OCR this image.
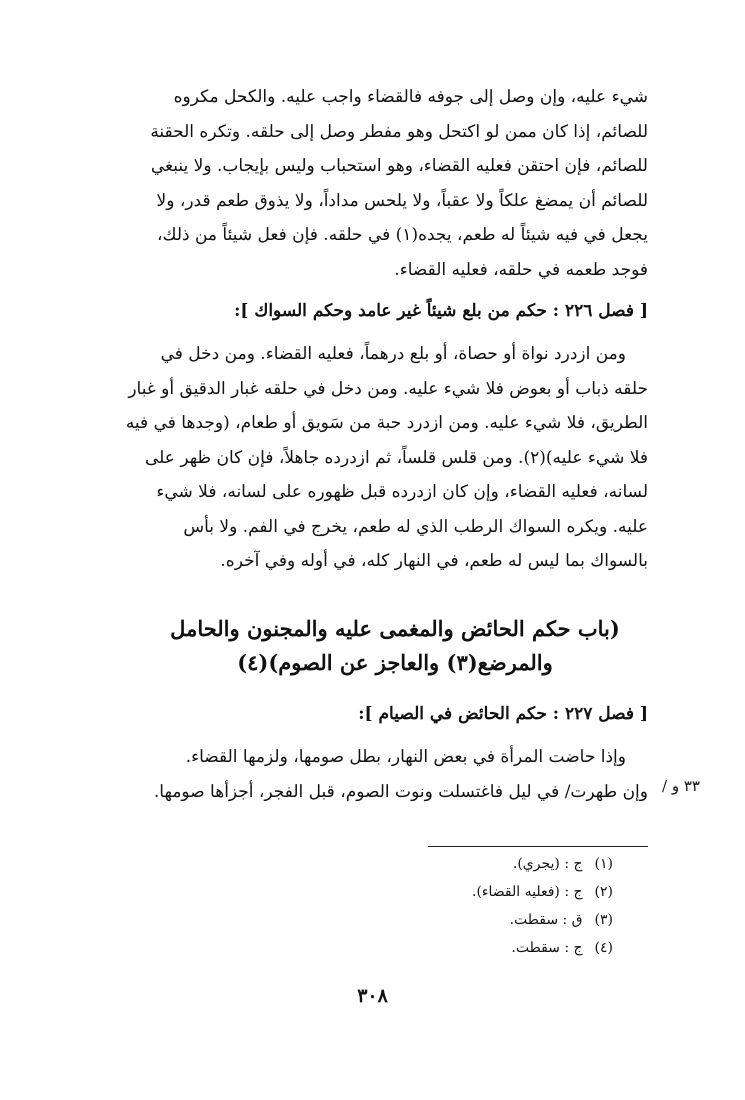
شيء عليه، وإن وصل إلى جوفه فالقضاء واجب عليه. والكحل مكروه
للصائم، إذا كان ممن لو اكتحل وهو مفطر وصل إلى حلقه. وتكره الحقنة
للصائم، فإن احتقن فعليه القضاء، وهو استحباب وليس بإيجاب. ولا ينبغي
للصائم أن يمضغ علكاً ولا عقباً، ولا يلحس مداداً، ولا يذوق طعم قدر، ولا
يجعل في فيه شيئاً له طعم، يجده(١) في حلقه. فإن فعل شيئاً من ذلك،
فوجد طعمه في حلقه، فعليه القضاء.
[ فصل ٢٢٦ : حكم من بلع شيئاً غير عامد وحكم السواك ]:
ومن ازدرد نواة أو حصاة، أو بلع درهماً، فعليه القضاء. ومن دخل في
حلقه ذباب أو بعوض فلا شيء عليه. ومن دخل في حلقه غبار الدقيق أو غبار
الطريق، فلا شيء عليه. ومن ازدرد حبة من سَويق أو طعام، (وجدها في فيه
فلا شيء عليه)(٢). ومن قلس قلساً، ثم ازدرده جاهلاً، فإن كان ظهر على
لسانه، فعليه القضاء، وإن كان ازدرده قبل ظهوره على لسانه، فلا شيء
عليه. ويكره السواك الرطب الذي له طعم، يخرج في الفم. ولا بأس
بالسواك بما ليس له طعم، في النهار كله، في أوله وفي آخره.
(باب حكم الحائض والمغمى عليه والمجنون والحامل
والمرضع(٣) والعاجز عن الصوم)(٤)
[ فصل ٢٢٧ : حكم الحائض في الصيام ]:
وإذا حاضت المرأة في بعض النهار، بطل صومها، ولزمها القضاء.
وإن طهرت/ في ليل فاغتسلت ونوت الصوم، قبل الفجر، أجزأها صومها. ٣٣ و /
(١) ج : (يجري).
(٢) ج : (فعليه القضاء).
(٣) ق : سقطت.
(٤) ج : سقطت.
٣٠٨
